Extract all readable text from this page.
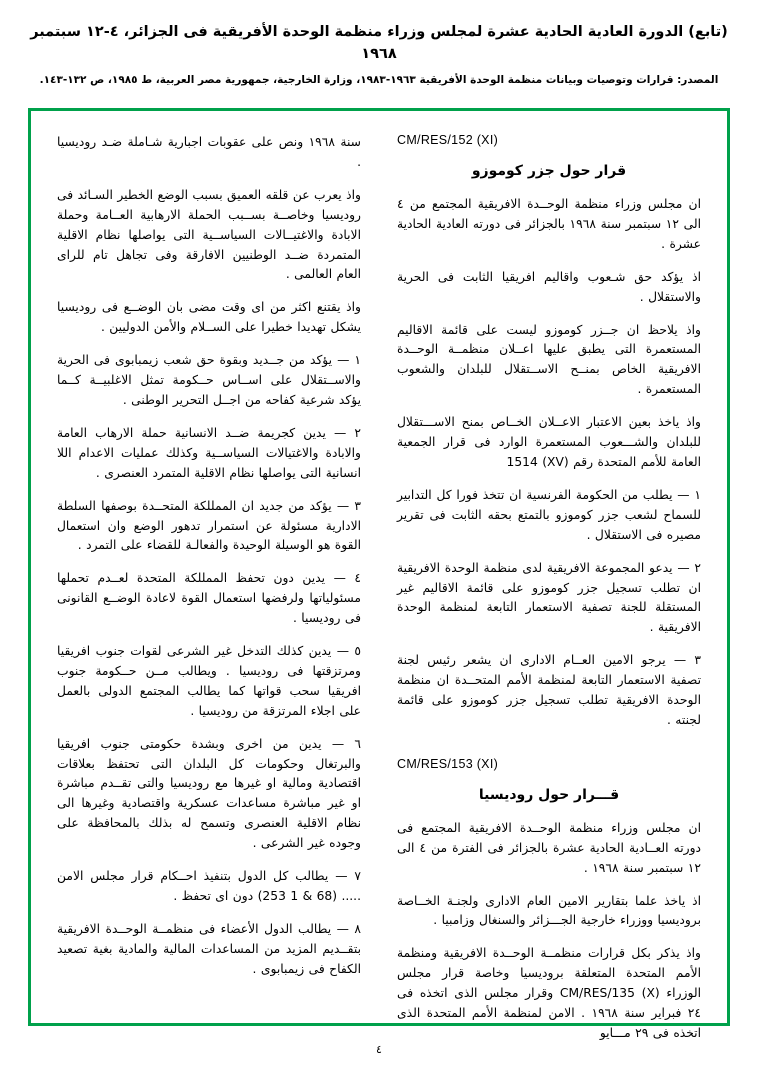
(تابع) الدورة العادية الحادية عشرة لمجلس وزراء منظمة الوحدة الأفريقية فى الجزائر، ٤-١٢ سبتمبر ١٩٦٨
المصدر: ‏قرارات وتوصيات وبيانات منظمة الوحدة الأفريقية ١٩٦٣-١٩٨٣، وزارة الخارجية، جمهورية مصر العربية، ط ١٩٨٥، ص ١٣٢-١٤٣‏.
CM/RES/152 (XI)
قرار حول جزر كوموزو

ان مجلس وزراء منظمة الوحــدة الافريقية المجتمع من ٤ الى ١٢ سبتمبر سنة ١٩٦٨ بالجزائر فى دورته العادية الحادية عشرة .

اذ يؤكد حق شـعوب واقاليم افريقيا الثابت فى الحرية والاستقلال .

واذ يلاحظ ان جــزر كوموزو ليست على قائمة الاقاليم المستعمرة التى يطبق عليها اعــلان منظمــة الوحــدة الافريقية الخاص بمنــح الاســتقلال للبلدان والشعوب المستعمرة .

واذ ياخذ بعين الاعتبار الاعــلان الخــاص بمنح الاســـتقلال للبلدان والشـــعوب المستعمرة الوارد فى قرار الجمعية العامة للأمم المتحدة رقم (XV) 1514

١ — يطلب من الحكومة الفرنسية ان تتخذ فورا كل التدابير للسماح لشعب جزر كوموزو بالتمتع بحقه الثابت فى تقرير مصيره فى الاستقلال .

٢ — يدعو المجموعة الافريقية لدى منظمة الوحدة الافريقية ان تطلب تسجيل جزر كوموزو على قائمة الاقاليم غير المستقلة للجنة تصفية الاستعمار التابعة لمنظمة الوحدة الافريقية .

٣ — يرجو الامين العــام الادارى ان يشعر رئيس لجنة تصفية الاستعمار التابعة لمنظمة الأمم المتحــدة ان منظمة الوحدة الافريقية تطلب تسجيل جزر كوموزو على قائمة لجنته .

CM/RES/153 (XI)
قـــرار حول روديسيا

ان مجلس وزراء منظمة الوحــدة الافريقية المجتمع فى دورته العــادية الحادية عشرة بالجزائر فى الفترة من ٤ الى ١٢ سبتمبر سنة ١٩٦٨ .

اذ ياخذ علما بتقارير الامين العام الادارى ولجنـة الخــاصة بروديسيا ووزراء خارجية الجـــزائر والسنغال وزامبيا .

واذ يذكر بكل قرارات منظمــة الوحــدة الافريقية ومنظمة الأمم المتحدة المتعلقة بروديسيا وخاصة قرار مجلس الوزراء CM/RES/135 (X) وقرار مجلس الذى اتخذه فى ٢٤ فبراير سنة ١٩٦٨ . الامن لمنظمة الأمم المتحدة الذى اتخذه فى ٢٩ مـــايو

سنة ١٩٦٨ ونص على عقوبات اجبارية شـاملة ضـد روديسيا .

واذ يعرب عن قلقه العميق بسبب الوضع الخطير السـائد فى روديسيا وخاصــة بســبب الحملة الارهابية العــامة وحملة الابادة والاغتيــالات السياســية التى يواصلها نظام الاقلية المتمردة ضــد الوطنيين الافارقة وفى تجاهل تام للراى العام العالمى .

واذ يقتنع اكثر من اى وقت مضى بان الوضــع فى روديسيا يشكل تهديدا خطيرا على الســلام والأمن الدوليين .

١ — يؤكد من جــديد وبقوة حق شعب زيمبابوى فى الحرية والاســتقلال على اســاس حــكومة تمثل الاغلبيــة كــما يؤكد شرعية كفاحه من اجــل التحرير الوطنى .

٢ — يدين كجريمة ضــد الانسانية حملة الارهاب العامة والابادة والاغتيالات السياســية وكذلك عمليات الاعدام اللا انسانية التى يواصلها نظام الاقلية المتمرد العنصرى .

٣ — يؤكد من جديد ان الممللكة المتحــدة بوصفها السلطة الادارية مسئولة عن استمرار تدهور الوضع وان استعمال القوة هو الوسيلة الوحيدة والفعالـة للقضاء على التمرد .

٤ — يدين دون تحفظ الممللكة المتحدة لعــدم تحملها مسئولياتها ولرفضها استعمال القوة لاعادة الوضــع القانونى فى روديسيا .

٥ — يدين كذلك التدخل غير الشرعى لقوات جنوب افريقيا ومرتزقتها فى روديسيا . ويطالب مــن حــكومة جنوب افريقيا سحب قواتها كما يطالب المجتمع الدولى بالعمل على اجلاء المرتزقة من روديسيا .

٦ — يدين من اخرى وبشدة حكومتى جنوب افريقيا والبرتغال وحكومات كل البلدان التى تحتفظ بعلاقات اقتصادية ومالية او غيرها مع روديسيا والتى تقــدم مباشرة او غير مباشرة مساعدات عسكرية واقتصادية وغيرها الى نظام الاقلية العنصرى وتسمح له بذلك بالمحافظة على وجوده غير الشرعى .

٧ — يطالب كل الدول بتنفيذ احــكام قرار مجلس الامن ..... (68 & 1 253) دون اى تحفظ .

٨ — يطالب الدول الأعضاء فى منظمــة الوحــدة الافريقية بتقــديم المزيد من المساعدات المالية والمادية بغية تصعيد الكفاح فى زيمبابوى .

٤
